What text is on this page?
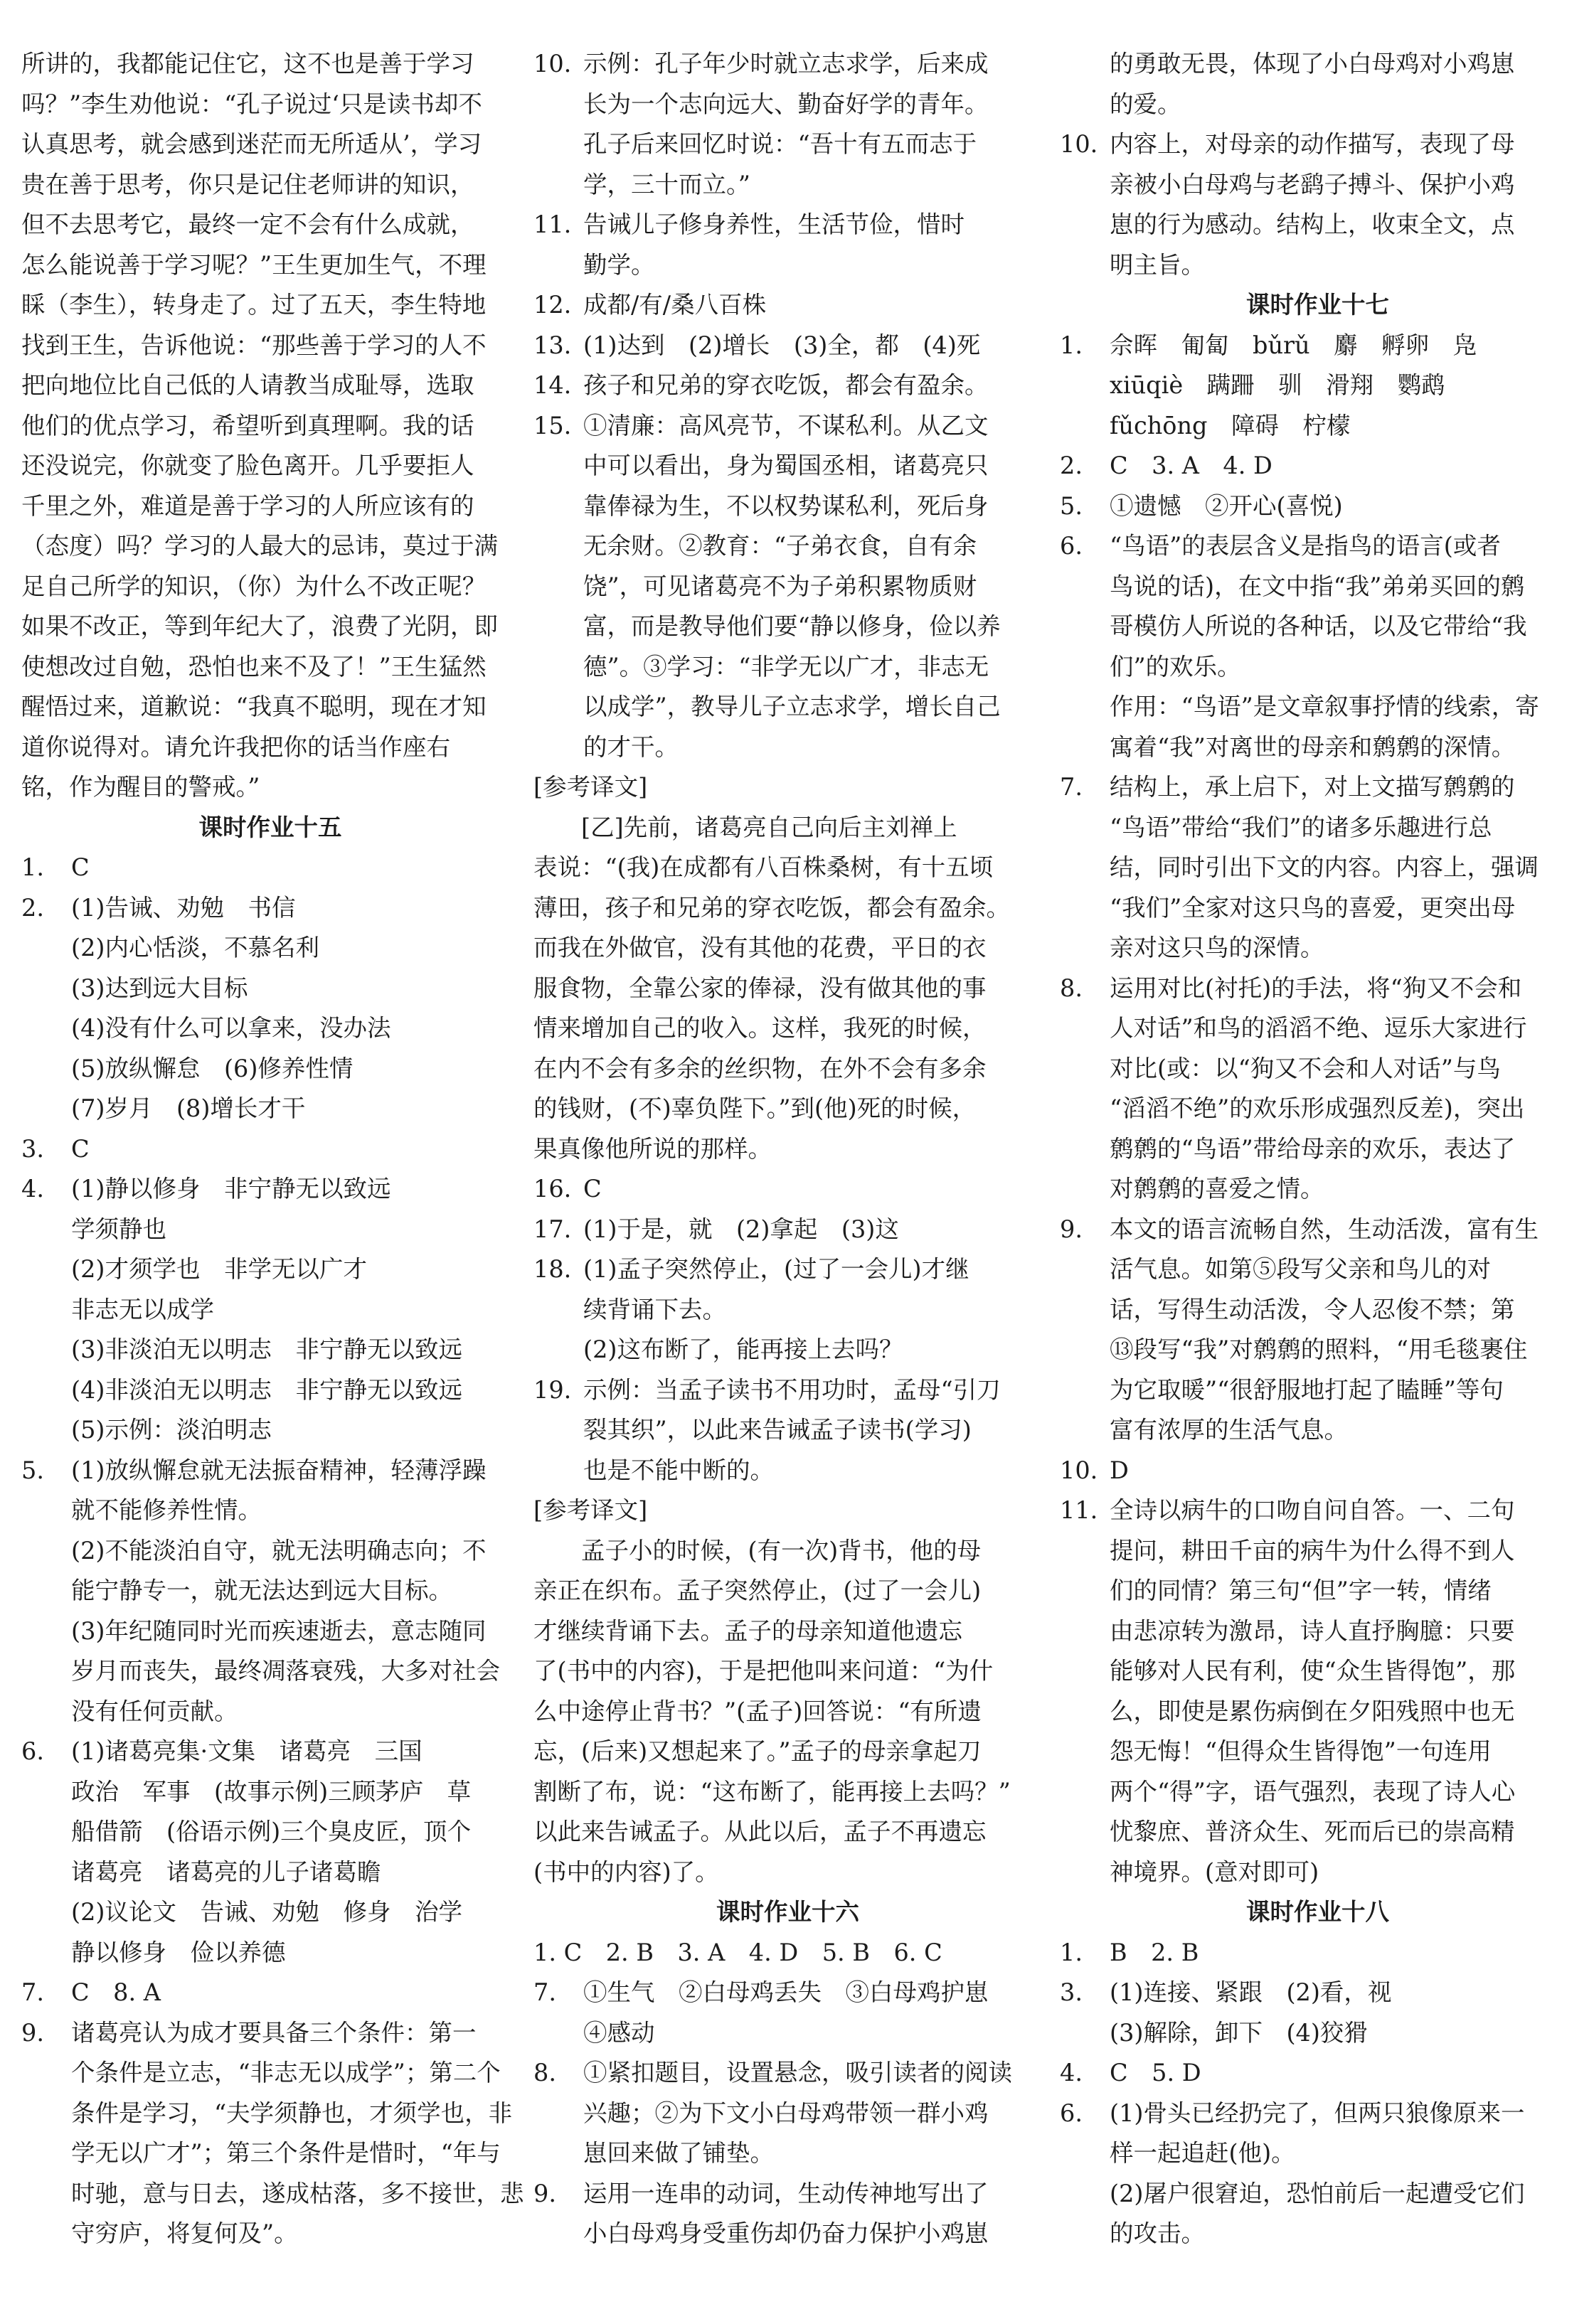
所讲的，我都能记住它，这不也是善于学习
吗？”李生劝他说：“孔子说过‘只是读书却不
认真思考，就会感到迷茫而无所适从’，学习
贵在善于思考，你只是记住老师讲的知识，
但不去思考它，最终一定不会有什么成就，
怎么能说善于学习呢？”王生更加生气，不理
睬（李生），转身走了。过了五天，李生特地
找到王生，告诉他说：“那些善于学习的人不
把向地位比自己低的人请教当成耻辱，选取
他们的优点学习，希望听到真理啊。我的话
还没说完，你就变了脸色离开。几乎要拒人
千里之外，难道是善于学习的人所应该有的
（态度）吗？学习的人最大的忌讳，莫过于满
足自己所学的知识，（你）为什么不改正呢？
如果不改正，等到年纪大了，浪费了光阴，即
使想改过自勉，恐怕也来不及了！”王生猛然
醒悟过来，道歉说：“我真不聪明，现在才知
道你说得对。请允许我把你的话当作座右
铭，作为醒目的警戒。”
课时作业十五
1.	C
2.	(1)告诫、劝勉　书信
(2)内心恬淡，不慕名利
(3)达到远大目标
(4)没有什么可以拿来，没办法
(5)放纵懈怠　(6)修养性情
(7)岁月　(8)增长才干
3.	C
4.	(1)静以修身　非宁静无以致远
学须静也
(2)才须学也　非学无以广才
非志无以成学
(3)非淡泊无以明志　非宁静无以致远
(4)非淡泊无以明志　非宁静无以致远
(5)示例：淡泊明志
5.	(1)放纵懈怠就无法振奋精神，轻薄浮躁
就不能修养性情。
(2)不能淡泊自守，就无法明确志向；不
能宁静专一，就无法达到远大目标。
(3)年纪随同时光而疾速逝去，意志随同
岁月而丧失，最终凋落衰残，大多对社会
没有任何贡献。
6.	(1)诸葛亮集·文集　诸葛亮　三国
政治　军事　(故事示例)三顾茅庐　草
船借箭　(俗语示例)三个臭皮匠，顶个
诸葛亮　诸葛亮的儿子诸葛瞻
(2)议论文　告诫、劝勉　修身　治学
静以修身　俭以养德
7.	C　8. A
9.	诸葛亮认为成才要具备三个条件：第一
个条件是立志，“非志无以成学”；第二个
条件是学习，“夫学须静也，才须学也，非
学无以广才”；第三个条件是惜时，“年与
时驰，意与日去，遂成枯落，多不接世，悲
守穷庐，将复何及”。
10. 示例：孔子年少时就立志求学，后来成
长为一个志向远大、勤奋好学的青年。
孔子后来回忆时说：“吾十有五而志于
学，三十而立。”
11. 告诫儿子修身养性，生活节俭，惜时
勤学。
12. 成都/有/桑八百株
13. (1)达到　(2)增长　(3)全，都　(4)死
14. 孩子和兄弟的穿衣吃饭，都会有盈余。
15. ①清廉：高风亮节，不谋私利。从乙文
中可以看出，身为蜀国丞相，诸葛亮只
靠俸禄为生，不以权势谋私利，死后身
无余财。②教育：“子弟衣食，自有余
饶”，可见诸葛亮不为子弟积累物质财
富，而是教导他们要“静以修身，俭以养
德”。③学习：“非学无以广才，非志无
以成学”，教导儿子立志求学，增长自己
的才干。
[参考译文]
[乙]先前，诸葛亮自己向后主刘禅上
表说：“(我)在成都有八百株桑树，有十五顷
薄田，孩子和兄弟的穿衣吃饭，都会有盈余。
而我在外做官，没有其他的花费，平日的衣
服食物，全靠公家的俸禄，没有做其他的事
情来增加自己的收入。这样，我死的时候，
在内不会有多余的丝织物，在外不会有多余
的钱财，(不)辜负陛下。”到(他)死的时候，
果真像他所说的那样。
16. C
17. (1)于是，就　(2)拿起　(3)这
18. (1)孟子突然停止，(过了一会儿)才继
续背诵下去。
(2)这布断了，能再接上去吗？
19. 示例：当孟子读书不用功时，孟母“引刀
裂其织”，以此来告诫孟子读书(学习)
也是不能中断的。
[参考译文]
孟子小的时候，(有一次)背书，他的母
亲正在织布。孟子突然停止，(过了一会儿)
才继续背诵下去。孟子的母亲知道他遗忘
了(书中的内容)，于是把他叫来问道：“为什
么中途停止背书？”(孟子)回答说：“有所遗
忘，(后来)又想起来了。”孟子的母亲拿起刀
割断了布，说：“这布断了，能再接上去吗？”
以此来告诫孟子。从此以后，孟子不再遗忘
(书中的内容)了。
课时作业十六
1. C　2. B　3. A　4. D　5. B　6. C
7.	①生气　②白母鸡丢失　③白母鸡护崽
④感动
8.	①紧扣题目，设置悬念，吸引读者的阅读
兴趣；②为下文小白母鸡带领一群小鸡
崽回来做了铺垫。
9.	运用一连串的动词，生动传神地写出了
小白母鸡身受重伤却仍奋力保护小鸡崽
的勇敢无畏，体现了小白母鸡对小鸡崽
的爱。
10. 内容上，对母亲的动作描写，表现了母
亲被小白母鸡与老鹞子搏斗、保护小鸡
崽的行为感动。结构上，收束全文，点
明主旨。
课时作业十七
1.	佘晖　匍匐　bǔrǔ　麝　孵卵　凫
xiūqiè　蹒跚　驯　滑翔　鹦鹉
fǔchōng　障碍　柠檬
2.	C　3. A　4. D
5.	①遗憾　②开心(喜悦)
6.	“鸟语”的表层含义是指鸟的语言(或者
鸟说的话)，在文中指“我”弟弟买回的鹩
哥模仿人所说的各种话，以及它带给“我
们”的欢乐。
作用：“鸟语”是文章叙事抒情的线索，寄
寓着“我”对离世的母亲和鹩鹩的深情。
7.	结构上，承上启下，对上文描写鹩鹩的
“鸟语”带给“我们”的诸多乐趣进行总
结，同时引出下文的内容。内容上，强调
“我们”全家对这只鸟的喜爱，更突出母
亲对这只鸟的深情。
8.	运用对比(衬托)的手法，将“狗又不会和
人对话”和鸟的滔滔不绝、逗乐大家进行
对比(或：以“狗又不会和人对话”与鸟
“滔滔不绝”的欢乐形成强烈反差)，突出
鹩鹩的“鸟语”带给母亲的欢乐，表达了
对鹩鹩的喜爱之情。
9.	本文的语言流畅自然，生动活泼，富有生
活气息。如第⑤段写父亲和鸟儿的对
话，写得生动活泼，令人忍俊不禁；第
⑬段写“我”对鹩鹩的照料，“用毛毯裹住
为它取暖”“很舒服地打起了瞌睡”等句
富有浓厚的生活气息。
10. D
11. 全诗以病牛的口吻自问自答。一、二句
提问，耕田千亩的病牛为什么得不到人
们的同情？第三句“但”字一转，情绪
由悲凉转为激昂，诗人直抒胸臆：只要
能够对人民有利，使“众生皆得饱”，那
么，即使是累伤病倒在夕阳残照中也无
怨无悔！“但得众生皆得饱”一句连用
两个“得”字，语气强烈，表现了诗人心
忧黎庶、普济众生、死而后已的崇高精
神境界。(意对即可)
课时作业十八
1.	B　2. B
3.	(1)连接、紧跟　(2)看，视
(3)解除，卸下　(4)狡猾
4.	C　5. D
6.	(1)骨头已经扔完了，但两只狼像原来一
样一起追赶(他)。
(2)屠户很窘迫，恐怕前后一起遭受它们
的攻击。
